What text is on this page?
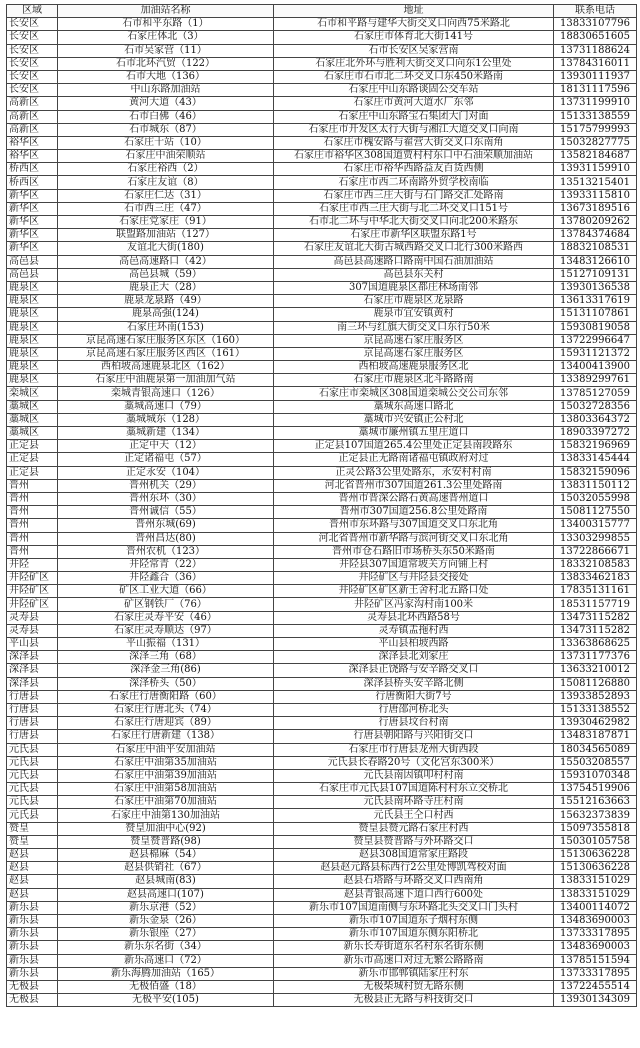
区域	加油站名称	地址	联系电话
长安区	石市和平东路（1）	石市和平路与建华大街交叉口向西75米路北	13833107796
长安区	石家庄体北（3）	石家庄市体育北大街141号	18830651605
长安区	石市吴家营（11）	石市长安区吴家营南	13731188624
长安区	石市北环汽贸（122）	石家庄北外环与胜利大街交叉口向东1公里处	13784316011
长安区	石市大地（136）	石家庄市石市北二环交叉口东450米路南	13930111937
长安区	中山东路加油站	石家庄中山东路谈固公交车站	18131117596
高新区	黄河大道（43）	石家庄市黄河大道水厂东邻	13731199910
高新区	石市白佛（46）	石家庄中山东路宝石集团大门对面	15133138559
高新区	石市城东（87）	石家庄市开发区太行大街与湘江大道交叉口向南	15175799993
裕华区	石家庄十站（10）	石家庄市槐安路与翟营大街交叉口东南角	15032827775
裕华区	石家庄中油荣顺站	石家庄市裕华区308国道贾村村东口中石油荣顺加油站	13582184687
桥西区	石家庄裕西（2）	石家庄市裕华西路益友百货西侧	13931159910
桥西区	石家庄友谊（8）	石家庄市西二环南路外贸学校南临	13513215401
新华区	石家庄仁达（31）	石家庄市西三庄大街与石门路交汇处路南	13933115810
新华区	石市西三庄（47）	石家庄市西三庄大街与北二环交叉口151号	13673189516
新华区	石家庄党家庄（91）	石市北二环与中华北大街交叉口向北200米路东	13780209262
新华区	联盟路加油站（127）	石家庄市新华区联盟东路1号	13784374684
新华区	友谊北大街(180)	石家庄友谊北大街古城西路交叉口北行300米路西	18832108531
高邑县	高邑高速路口（42）	高邑县高速路口路南中国石油加油站	13483126610
高邑县	高邑县城（59）	高邑县东关村	15127109131
鹿泉区	鹿泉正大（28）	307国道鹿泉区都庄林场南邻	13930136538
鹿泉区	鹿泉龙泉路（49）	石家庄市鹿泉区龙泉路	13613317619
鹿泉区	鹿泉高强(124)	鹿泉市宜安镇黄村	15131107861
鹿泉区	石家庄环南(153)	南三环与红旗大街交叉口东行50米	15930819058
鹿泉区	京昆高速石家庄服务区东区（160）	京昆高速石家庄服务区	13722996647
鹿泉区	京昆高速石家庄服务区西区（161）	京昆高速石家庄服务区	15931121372
鹿泉区	西柏坡高速鹿泉北区（162）	西柏坡高速鹿泉服务区北	13400413900
鹿泉区	石家庄中油鹿泉第一加油加气站	石家庄市鹿泉区北斗路路南	13389299761
栾城区	栾城青银高速口（126）	石家庄市栾城区308国道栾城公交公司东邻	13785127059
藁城区	藁城高速口（79）	藁城东高速口路北	15032728356
藁城区	藁城城东（128）	藁城市兴安镇正公村北	13803364372
藁城区	藁城新建（134）	藁城市廉州镇五里庄道口	18903397272
正定县	正定中天（12）	正定县107国道265.4公里处正定县南段路东	15832196969
正定县	正定诸福屯（57）	正定县正无路南诸福屯镇政府对过	13833145444
正定县	正定永安（104）	正灵公路3公里处路东，永安村村南	15832159096
晋州	晋州机关（29）	河北省晋州市307国道261.3公里处路南	13831150112
晋州	晋州东环（30）	晋州市晋深公路石黄高速晋州道口	15032055998
晋州	晋州诚信（55）	晋州市307国道256.8公里处路南	15081127550
晋州	晋州东城(69)	晋州市东环路与307国道交叉口东北角	13400315777
晋州	晋州昌达(80)	河北省晋州市新华路与滨河街交叉口东北角	13303299855
晋州	晋州农机（123）	晋州市仓石路旧市场桥头东50米路南	13722866671
井陉	井陉常青（22）	井陉县307国道常坡关方向铺上村	18332108583
井陉矿区	井陉鑫合（36）	井陉矿区与井陉县交接处	13833462183
井陉矿区	矿区工业大道（66）	井陉矿区矿区新王舍村北五路口处	17835131161
井陉矿区	矿区钢铁厂（76）	井陉矿区冯家沟村南100米	18531157719
灵寿县	石家庄灵寿平安（46）	灵寿县北环西路58号	13473115282
灵寿县	石家庄灵寿顺达（97）	灵寿镇盂拖村西	13473115282
平山县	平山振福（131）	平山县柏坡西路	13363868625
深泽县	深泽三角（68）	深泽县北刘家庄	13731177376
深泽县	深泽金三角(86)	深泽县正饶路与安辛路交叉口	13633210012
深泽县	深泽桥头（50）	深泽县桥头安辛路北侧	15081126880
行唐县	石家庄行唐衡阳路（60）	行唐衡阳大街7号	13933852893
行唐县	石家庄行唐北头（74）	行唐邵河桥北头	15133138552
行唐县	石家庄行唐迎宾（89）	行唐县坟台村南	13930462982
行唐县	石家庄行唐新建（138）	行唐县朝阳路与兴阳街交口	13483187871
元氏县	石家庄中油平安加油站	石家庄市行唐县龙州大街西段	18034565089
元氏县	石家庄中油第35加油站	元氏县长春路20号（文化宫东300米）	15503208557
元氏县	石家庄中油第39加油站	元氏县南因镇叩村村南	15931070348
元氏县	石家庄中油第58加油站	石家庄市元氏县107国道陈村村东立交桥北	13754519906
元氏县	石家庄中油第70加油站	元氏县南环路寺庄村南	15512163663
元氏县	石家庄中油第130加油站	元氏县王仝口村西	15632373839
赞皇	赞皇加油中心(92)	赞皇县赞元路石家庄村西	15097355818
赞皇	赞皇赞普路(98)	赞皇县赞普路与外环路交口	15030105758
赵县	赵县棉麻（54）	赵县308国道常家庄路段	15130636228
赵县	赵县供销社（67）	赵县赵元路县标西行2公里处博凯驾校对面	15130636228
赵县	赵县城南(83)	赵县石塔路与环路交叉口西南角	13833151029
赵县	赵县高速口(107)	赵县青银高速下道口西行600处	13833151029
新乐县	新乐京港（52）	新乐市107国道南侧与东环路北头交叉口门头村	13400114072
新乐县	新乐金泉（26）	新乐市107国道东子烟村东侧	13483690003
新乐县	新乐银座（27）	新乐市107国道东侧东阳桥北	13733317895
新乐县	新乐东名街（34）	新乐长寿街道东名村东名街东侧	13483690003
新乐县	新乐高速口（72）	新乐市高速口对过无繁公路路南	13785151594
新乐县	新乐海腾加油站（165）	新乐市邯郸镇陆家庄村东	13733317895
无极县	无极佰盛（18）	无极柴城村贸无路东侧	13722455514
无极县	无极平安(105)	无极县正无路与科技街交口	13930134309
